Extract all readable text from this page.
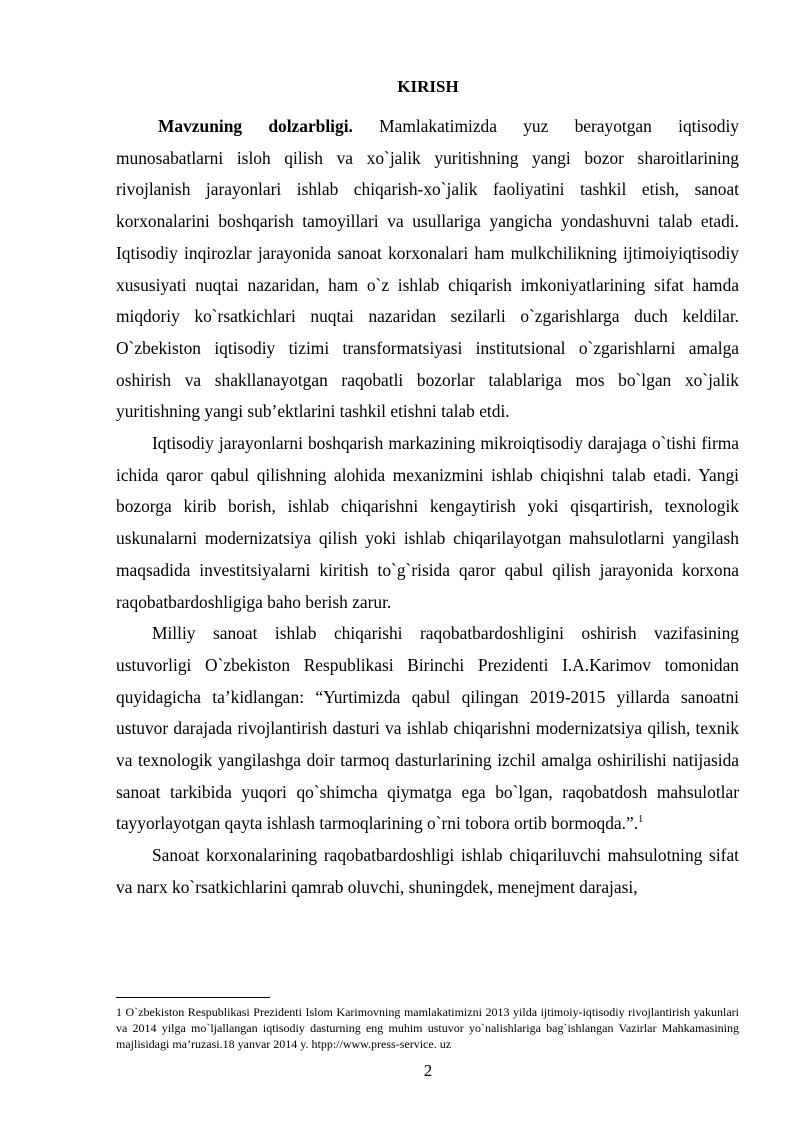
KIRISH

Mavzuning dolzarbligi. Mamlakatimizda yuz berayotgan iqtisodiy munosabatlarni isloh qilish va xo`jalik yuritishning yangi bozor sharoitlarining rivojlanish jarayonlari ishlab chiqarish-xo`jalik faoliyatini tashkil etish, sanoat korxonalarini boshqarish tamoyillari va usullariga yangicha yondashuvni talab etadi. Iqtisodiy inqirozlar jarayonida sanoat korxonalari ham mulkchilikning ijtimoiyiqtisodiy xususiyati nuqtai nazaridan, ham o`z ishlab chiqarish imkoniyatlarining sifat hamda miqdoriy ko`rsatkichlari nuqtai nazaridan sezilarli o`zgarishlarga duch keldilar. O`zbekiston iqtisodiy tizimi transformatsiyasi institutsional o`zgarishlarni amalga oshirish va shakllanayotgan raqobatli bozorlar talablariga mos bo`lgan xo`jalik yuritishning yangi sub’ektlarini tashkil etishni talab etdi.

Iqtisodiy jarayonlarni boshqarish markazining mikroiqtisodiy darajaga o`tishi firma ichida qaror qabul qilishning alohida mexanizmini ishlab chiqishni talab etadi. Yangi bozorga kirib borish, ishlab chiqarishni kengaytirish yoki qisqartirish, texnologik uskunalarni modernizatsiya qilish yoki ishlab chiqarilayotgan mahsulotlarni yangilash maqsadida investitsiyalarni kiritish to`g`risida qaror qabul qilish jarayonida korxona raqobatbardoshligiga baho berish zarur.

Milliy sanoat ishlab chiqarishi raqobatbardoshligini oshirish vazifasining ustuvorligi O`zbekiston Respublikasi Birinchi Prezidenti I.A.Karimov tomonidan quyidagicha ta’kidlangan: “Yurtimizda qabul qilingan 2019-2015 yillarda sanoatni ustuvor darajada rivojlantirish dasturi va ishlab chiqarishni modernizatsiya qilish, texnik va texnologik yangilashga doir tarmoq dasturlarining izchil amalga oshirilishi natijasida sanoat tarkibida yuqori qo`shimcha qiymatga ega bo`lgan, raqobatdosh mahsulotlar tayyorlayotgan qayta ishlash tarmoqlarining o`rni tobora ortib bormoqda.”.$^1$

Sanoat korxonalarining raqobatbardoshligi ishlab chiqariluvchi mahsulotning sifat va narx ko`rsatkichlarini qamrab oluvchi, shuningdek, menejment darajasi,

1 O`zbekiston Respublikasi Prezidenti Islom Karimovning mamlakatimizni 2013 yilda ijtimoiy-iqtisodiy rivojlantirish yakunlari va 2014 yilga mo`ljallangan iqtisodiy dasturning eng muhim ustuvor yo`nalishlariga bag`ishlangan Vazirlar Mahkamasining majlisidagi ma’ruzasi.18 yanvar 2014 y. htpp://www.press-service. uz

2
